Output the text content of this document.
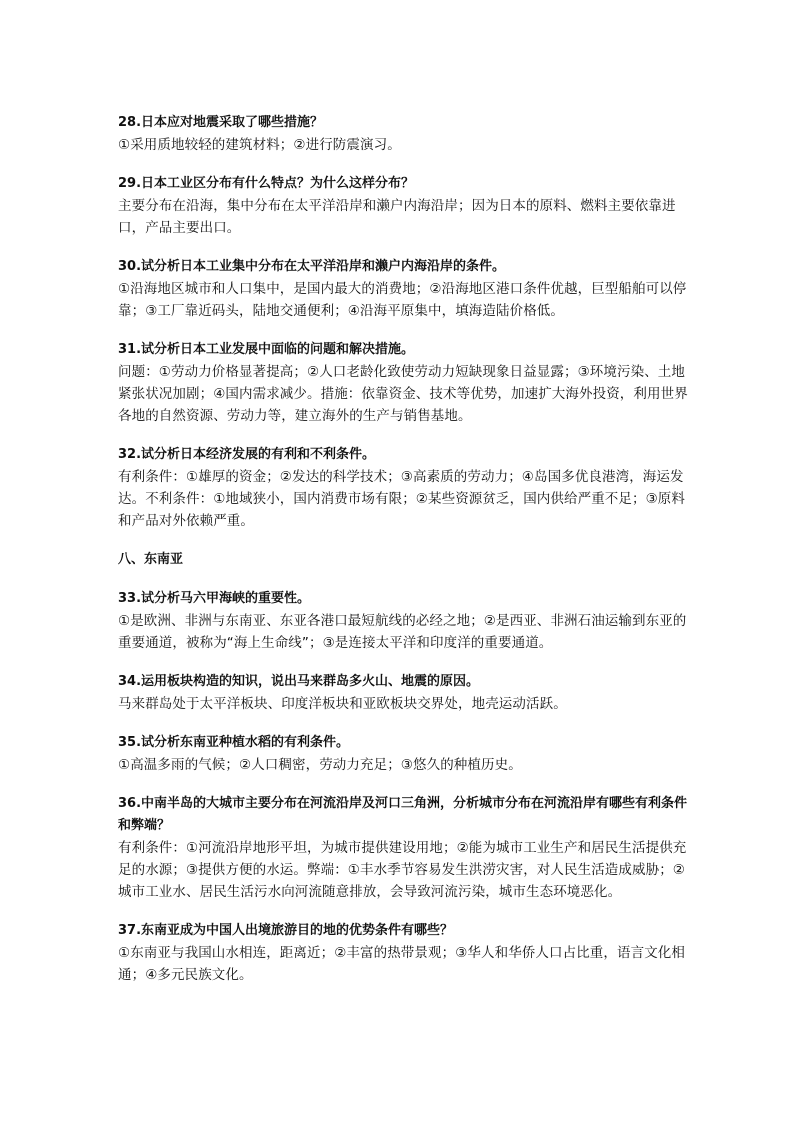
28.日本应对地震采取了哪些措施？

①采用质地较轻的建筑材料；②进行防震演习。

29.日本工业区分布有什么特点？为什么这样分布？

主要分布在沿海，集中分布在太平洋沿岸和濑户内海沿岸；因为日本的原料、燃料主要依靠进口，产品主要出口。

30.试分析日本工业集中分布在太平洋沿岸和濑户内海沿岸的条件。

①沿海地区城市和人口集中，是国内最大的消费地；②沿海地区港口条件优越，巨型船舶可以停靠；③工厂靠近码头，陆地交通便利；④沿海平原集中，填海造陆价格低。

31.试分析日本工业发展中面临的问题和解决措施。

问题：①劳动力价格显著提高；②人口老龄化致使劳动力短缺现象日益显露；③环境污染、土地紧张状况加剧；④国内需求减少。措施：依靠资金、技术等优势，加速扩大海外投资，利用世界各地的自然资源、劳动力等，建立海外的生产与销售基地。

32.试分析日本经济发展的有利和不利条件。

有利条件：①雄厚的资金；②发达的科学技术；③高素质的劳动力；④岛国多优良港湾，海运发达。不利条件：①地域狭小，国内消费市场有限；②某些资源贫乏，国内供给严重不足；③原料和产品对外依赖严重。

八、东南亚

33.试分析马六甲海峡的重要性。

①是欧洲、非洲与东南亚、东亚各港口最短航线的必经之地；②是西亚、非洲石油运输到东亚的重要通道，被称为“海上生命线”；③是连接太平洋和印度洋的重要通道。

34.运用板块构造的知识，说出马来群岛多火山、地震的原因。

马来群岛处于太平洋板块、印度洋板块和亚欧板块交界处，地壳运动活跃。

35.试分析东南亚种植水稻的有利条件。

①高温多雨的气候；②人口稠密，劳动力充足；③悠久的种植历史。

36.中南半岛的大城市主要分布在河流沿岸及河口三角洲，分析城市分布在河流沿岸有哪些有利条件和弊端？

有利条件：①河流沿岸地形平坦，为城市提供建设用地；②能为城市工业生产和居民生活提供充足的水源；③提供方便的水运。弊端：①丰水季节容易发生洪涝灾害，对人民生活造成威胁；②城市工业水、居民生活污水向河流随意排放，会导致河流污染，城市生态环境恶化。

37.东南亚成为中国人出境旅游目的地的优势条件有哪些？

①东南亚与我国山水相连，距离近；②丰富的热带景观；③华人和华侨人口占比重，语言文化相通；④多元民族文化。
